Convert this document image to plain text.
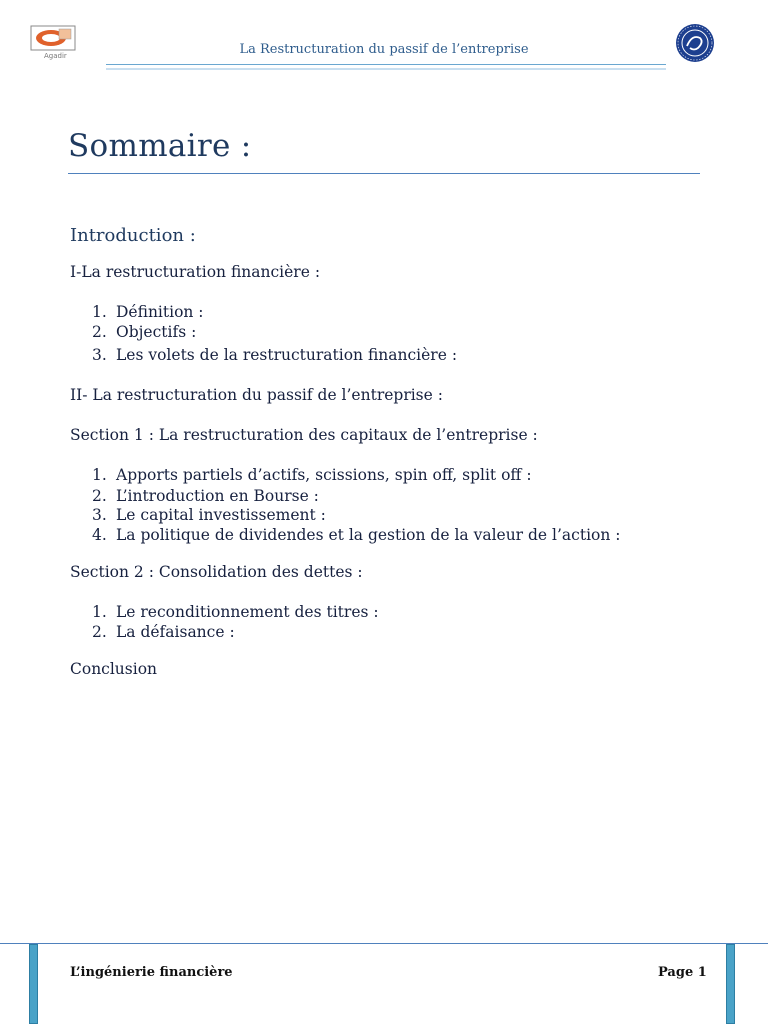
Agadir	La Restructuration du passif de l’entreprise
Sommaire :
Introduction :
I-La restructuration financière :
1. Définition :
2. Objectifs :
3. Les volets de la restructuration financière :
II- La restructuration du passif de l’entreprise :
Section 1 : La restructuration des capitaux de l’entreprise :
1. Apports partiels d’actifs, scissions, spin off, split off :
2. L’introduction en Bourse :
3. Le capital investissement :
4. La politique de dividendes et la gestion de la valeur de l’action :
Section 2 : Consolidation des dettes :
1. Le reconditionnement des titres :
2. La défaisance :
Conclusion
L’ingénierie financière	Page 1
